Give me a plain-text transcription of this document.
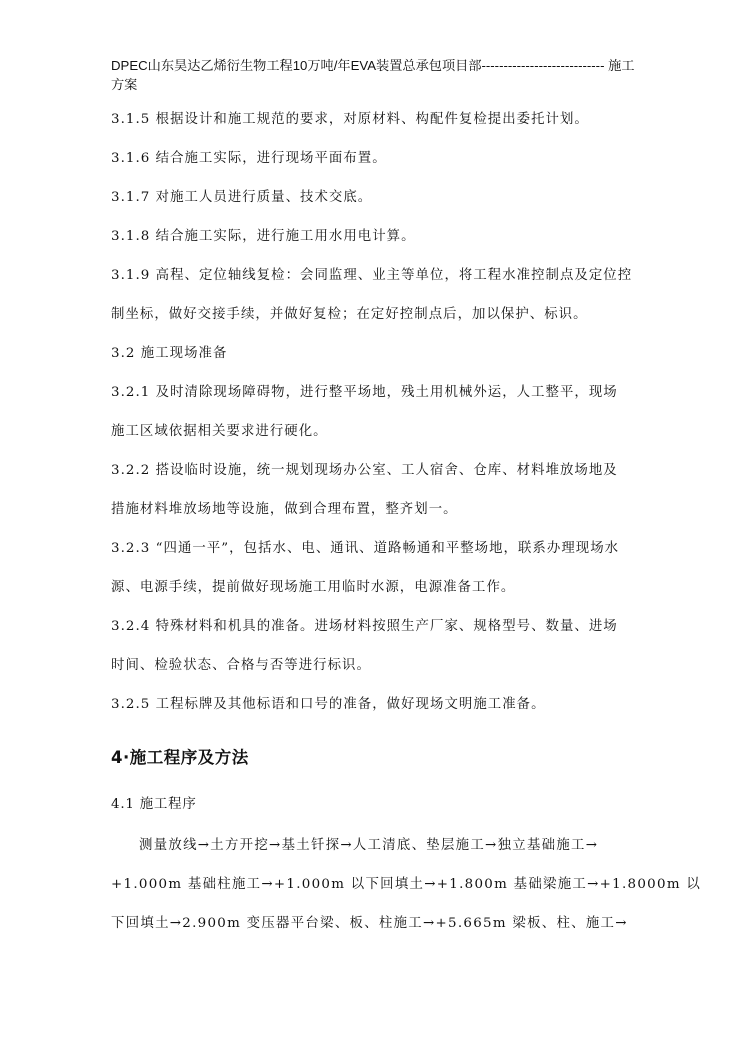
DPEC山东昊达乙烯衍生物工程10万吨/年EVA装置总承包项目部---------------------------- 施工方案

3.1.5 根据设计和施工规范的要求，对原材料、构配件复检提出委托计划。

3.1.6 结合施工实际，进行现场平面布置。

3.1.7 对施工人员进行质量、技术交底。

3.1.8 结合施工实际，进行施工用水用电计算。

3.1.9 高程、定位轴线复检：会同监理、业主等单位，将工程水准控制点及定位控

制坐标，做好交接手续，并做好复检；在定好控制点后，加以保护、标识。

3.2 施工现场准备

3.2.1 及时清除现场障碍物，进行整平场地，残土用机械外运，人工整平，现场

施工区域依据相关要求进行硬化。

3.2.2 搭设临时设施，统一规划现场办公室、工人宿舍、仓库、材料堆放场地及

措施材料堆放场地等设施，做到合理布置，整齐划一。

3.2.3 “四通一平”，包括水、电、通讯、道路畅通和平整场地，联系办理现场水

源、电源手续，提前做好现场施工用临时水源，电源准备工作。

3.2.4 特殊材料和机具的准备。进场材料按照生产厂家、规格型号、数量、进场

时间、检验状态、合格与否等进行标识。

3.2.5 工程标牌及其他标语和口号的准备，做好现场文明施工准备。

4·施工程序及方法

4.1 施工程序

测量放线→土方开挖→基土钎探→人工清底、垫层施工→独立基础施工→

+1.000m 基础柱施工→+1.000m 以下回填土→+1.800m 基础梁施工→+1.8000m 以

下回填土→2.900m 变压器平台梁、板、柱施工→+5.665m 梁板、柱、施工→
